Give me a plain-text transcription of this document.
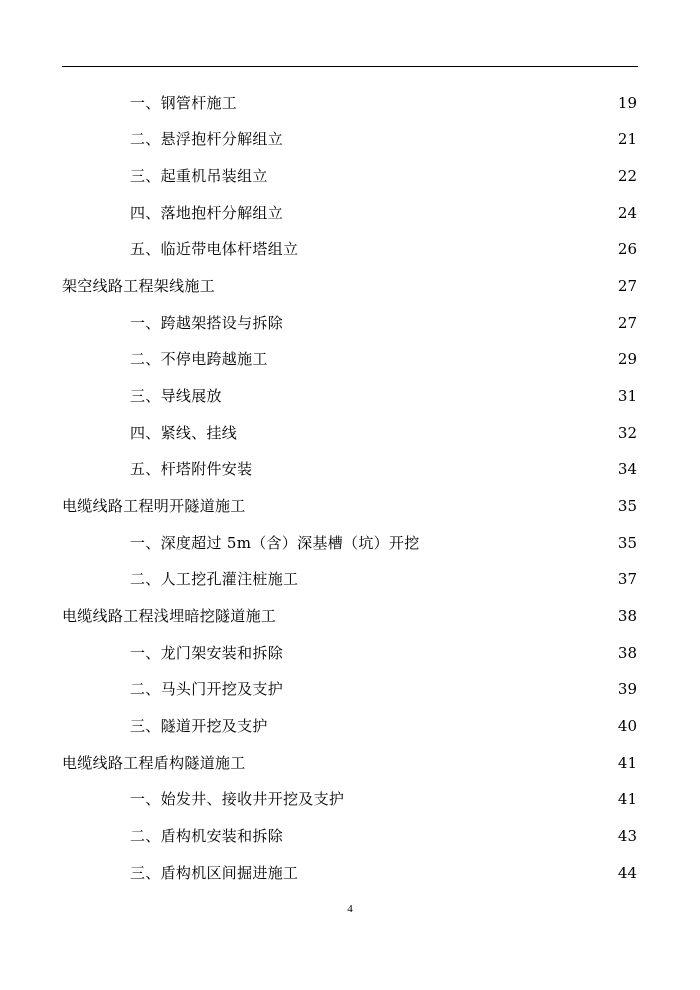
一、钢管杆施工	19
二、悬浮抱杆分解组立	21
三、起重机吊装组立	22
四、落地抱杆分解组立	24
五、临近带电体杆塔组立	26
架空线路工程架线施工	27
一、跨越架搭设与拆除	27
二、不停电跨越施工	29
三、导线展放	31
四、紧线、挂线	32
五、杆塔附件安装	34
电缆线路工程明开隧道施工	35
一、深度超过 5m（含）深基槽（坑）开挖	35
二、人工挖孔灌注桩施工	37
电缆线路工程浅埋暗挖隧道施工	38
一、龙门架安装和拆除	38
二、马头门开挖及支护	39
三、隧道开挖及支护	40
电缆线路工程盾构隧道施工	41
一、始发井、接收井开挖及支护	41
二、盾构机安装和拆除	43
三、盾构机区间掘进施工	44
4
